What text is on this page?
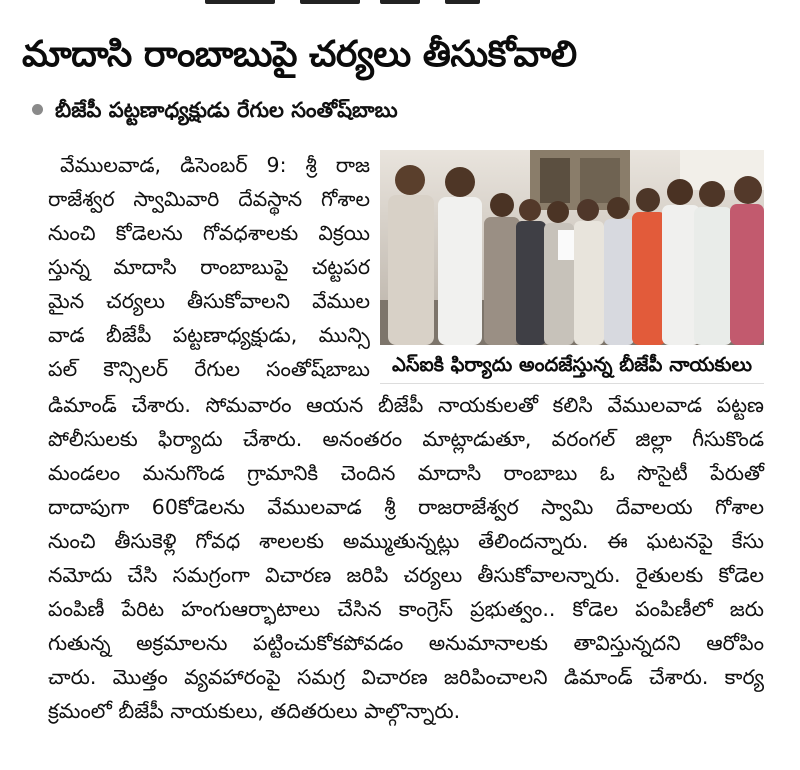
మాదాసి రాంబాబుపై చర్యలు తీసుకోవాలి
బీజేపీ పట్టణాధ్యక్షుడు రేగుల సంతోష్‌బాబు
ఎస్‌ఐకి ఫిర్యాదు అందజేస్తున్న బీజేపీ నాయకులు
వేములవాడ, డిసెంబర్ 9: శ్రీ రాజ
రాజేశ్వర స్వామివారి దేవస్థాన గోశాల
నుంచి కోడెలను గోవధశాలకు విక్రయి
స్తున్న మాదాసి రాంబాబుపై చట్టపర
మైన చర్యలు తీసుకోవాలని వేముల
వాడ బీజేపీ పట్టణాధ్యక్షుడు, మున్సి
పల్ కౌన్సిలర్ రేగుల సంతోష్‌బాబు
డిమాండ్ చేశారు. సోమవారం ఆయన బీజేపీ నాయకులతో కలిసి వేములవాడ పట్టణ
పోలీసులకు ఫిర్యాదు చేశారు. అనంతరం మాట్లాడుతూ, వరంగల్ జిల్లా గీసుకొండ
మండలం మనుగొండ గ్రామానికి చెందిన మాదాసి రాంబాబు ఓ సొసైటీ పేరుతో
దాదాపుగా 60కోడెలను వేములవాడ శ్రీ రాజరాజేశ్వర స్వామి దేవాలయ గోశాల
నుంచి తీసుకెళ్లి గోవధ శాలలకు అమ్ముతున్నట్లు తేలిందన్నారు. ఈ ఘటనపై కేసు
నమోదు చేసి సమగ్రంగా విచారణ జరిపి చర్యలు తీసుకోవాలన్నారు. రైతులకు కోడెల
పంపిణీ పేరిట హంగుఆర్భాటాలు చేసిన కాంగ్రెస్ ప్రభుత్వం.. కోడెల పంపిణీలో జరు
గుతున్న అక్రమాలను పట్టించుకోకపోవడం అనుమానాలకు తావిస్తున్నదని ఆరోపిం
చారు. మొత్తం వ్యవహారంపై సమగ్ర విచారణ జరిపించాలని డిమాండ్ చేశారు. కార్య
క్రమంలో బీజేపీ నాయకులు, తదితరులు పాల్గొన్నారు.
